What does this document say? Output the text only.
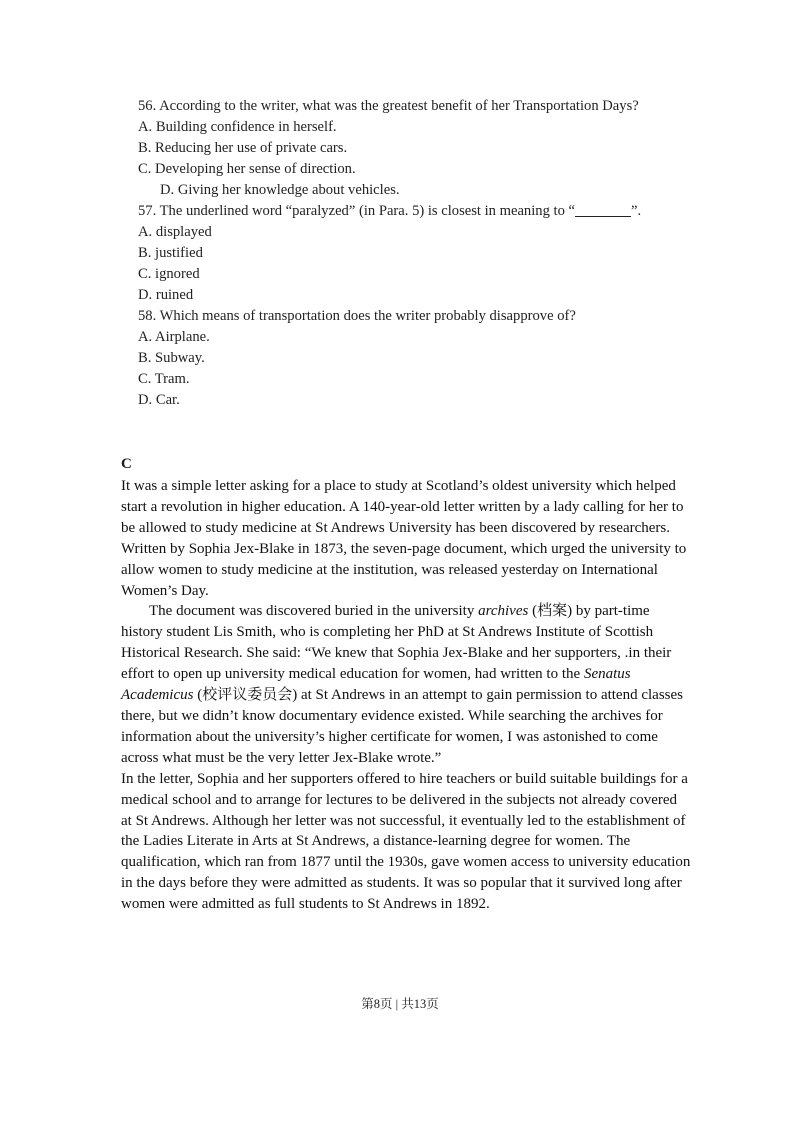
56. According to the writer, what was the greatest benefit of her Transportation Days?
A. Building confidence in herself.
B. Reducing her use of private cars.
C. Developing her sense of direction.
D. Giving her knowledge about vehicles.
57. The underlined word “paralyzed” (in Para. 5) is closest in meaning to “	”.
A. displayed
B. justified
C. ignored
D. ruined
58. Which means of transportation does the writer probably disapprove of?
A. Airplane.
B. Subway.
C. Tram.
D. Car.
C

It was a simple letter asking for a place to study at Scotland’s oldest university which helped start a revolution in higher education. A 140-year-old letter written by a lady calling for her to be allowed to study medicine at St Andrews University has been discovered by researchers. Written by Sophia Jex-Blake in 1873, the seven-page document, which urged the university to allow women to study medicine at the institution, was released yesterday on International Women’s Day.

The document was discovered buried in the university archives (档案) by part-time history student Lis Smith, who is completing her PhD at St Andrews Institute of Scottish Historical Research. She said: “We knew that Sophia Jex-Blake and her supporters, .in their effort to open up university medical education for women, had written to the Senatus Academicus (校评议委员会) at St Andrews in an attempt to gain permission to attend classes there, but we didn’t know documentary evidence existed. While searching the archives for information about the university’s higher certificate for women, I was astonished to come across what must be the very letter Jex-Blake wrote.”

In the letter, Sophia and her supporters offered to hire teachers or build suitable buildings for a medical school and to arrange for lectures to be delivered in the subjects not already covered at St Andrews. Although her letter was not successful, it eventually led to the establishment of the Ladies Literate in Arts at St Andrews, a distance-learning degree for women. The qualification, which ran from 1877 until the 1930s, gave women access to university education in the days before they were admitted as students. It was so popular that it survived long after women were admitted as full students to St Andrews in 1892.

第8页 | 共13页
